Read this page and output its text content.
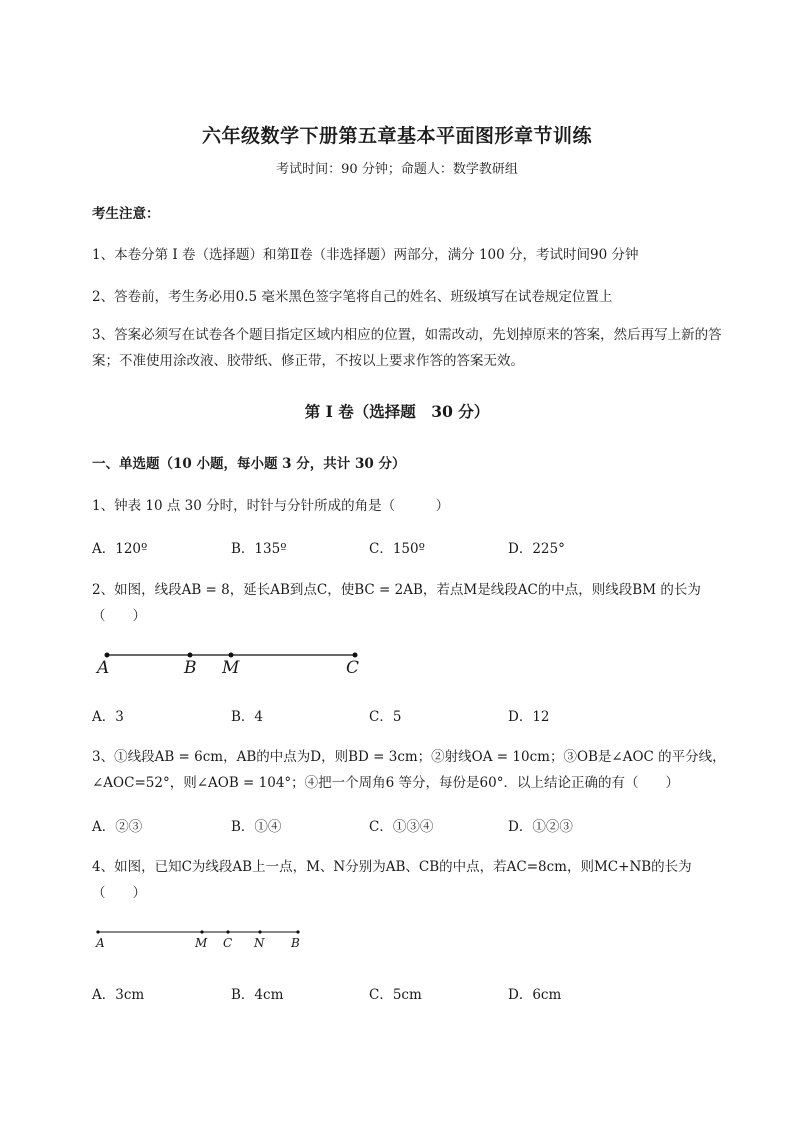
六年级数学下册第五章基本平面图形章节训练
考试时间：90 分钟；命题人：数学教研组
考生注意：
1、本卷分第 I 卷（选择题）和第Ⅱ卷（非选择题）两部分，满分 100 分，考试时间90 分钟
2、答卷前，考生务必用0.5 毫米黑色签字笔将自己的姓名、班级填写在试卷规定位置上
3、答案必须写在试卷各个题目指定区域内相应的位置，如需改动，先划掉原来的答案，然后再写上新的答案；不准使用涂改液、胶带纸、修正带，不按以上要求作答的答案无效。
第 I 卷（选择题　30 分）
一、单选题（10 小题，每小题 3 分，共计 30 分）
1、钟表 10 点 30 分时，时针与分针所成的角是（　　　）
A．120º	B．135º	C．150º	D．225°
2、如图，线段AB = 8，延长AB到点C，使BC = 2AB，若点M是线段AC的中点，则线段BM 的长为
（　　）
A	B M	C
A．3	B．4	C．5	D．12
3、①线段AB = 6cm，AB的中点为D，则BD = 3cm；②射线OA = 10cm；③OB是∠AOC 的平分线，
∠AOC=52°，则∠AOB = 104°；④把一个周角6 等分，每份是60°．以上结论正确的有（　　）
A．②③	B．①④	C．①③④	D．①②③
4、如图，已知C为线段AB上一点，M、N分别为AB、CB的中点，若AC=8cm，则MC+NB的长为
（　　）
A	M C N B
A．3cm	B．4cm	C．5cm	D．6cm
